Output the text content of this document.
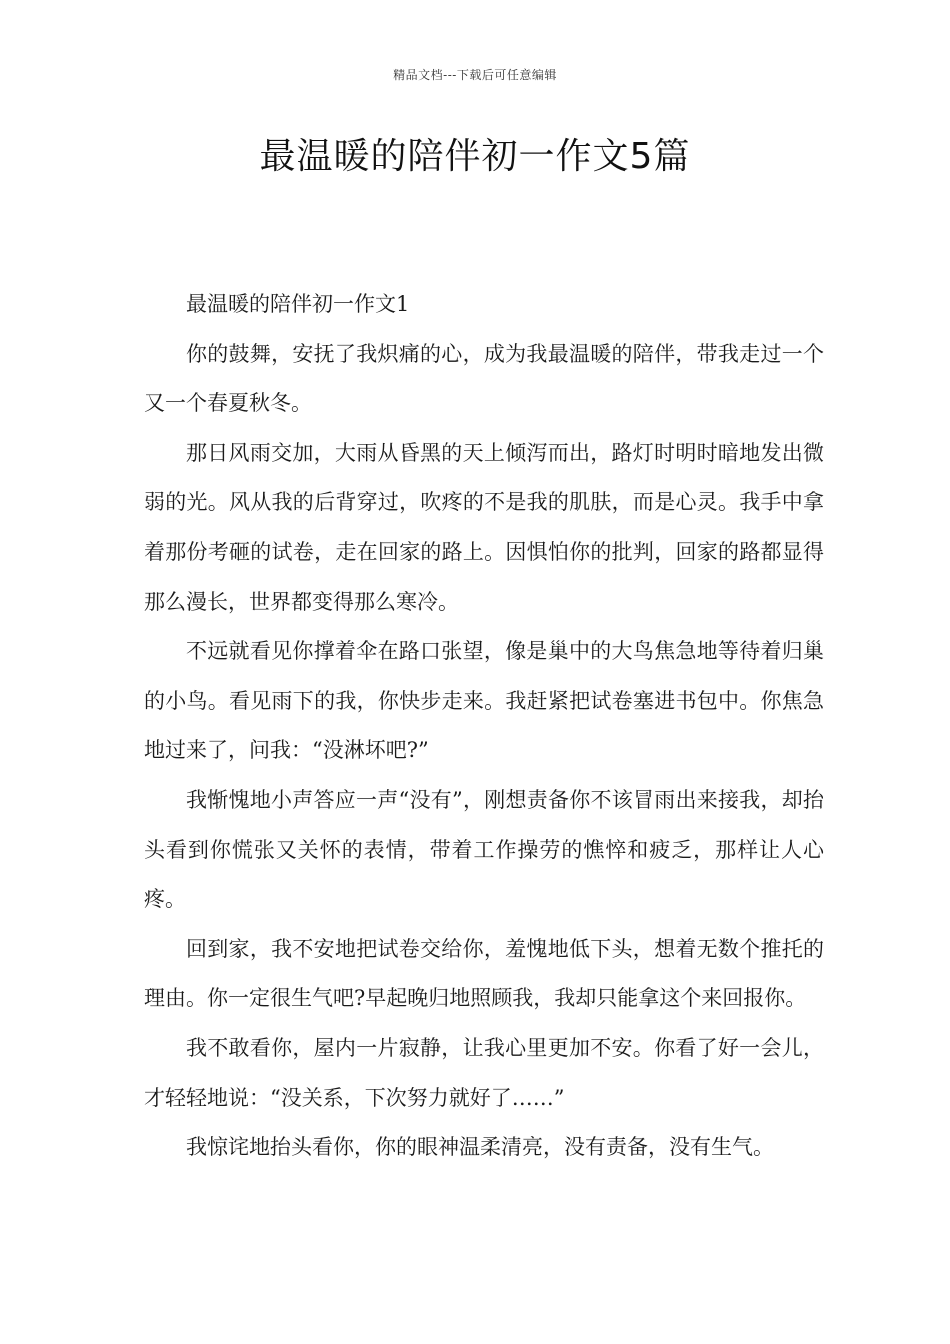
精品文档---下载后可任意编辑
最温暖的陪伴初一作文5篇

最温暖的陪伴初一作文1

你的鼓舞，安抚了我炽痛的心，成为我最温暖的陪伴，带我走过一个又一个春夏秋冬。

那日风雨交加，大雨从昏黑的天上倾泻而出，路灯时明时暗地发出微弱的光。风从我的后背穿过，吹疼的不是我的肌肤，而是心灵。我手中拿着那份考砸的试卷，走在回家的路上。因惧怕你的批判，回家的路都显得那么漫长，世界都变得那么寒冷。

不远就看见你撑着伞在路口张望，像是巢中的大鸟焦急地等待着归巢的小鸟。看见雨下的我，你快步走来。我赶紧把试卷塞进书包中。你焦急地过来了，问我：“没淋坏吧?”

我惭愧地小声答应一声“没有”，刚想责备你不该冒雨出来接我，却抬头看到你慌张又关怀的表情，带着工作操劳的憔悴和疲乏，那样让人心疼。

回到家，我不安地把试卷交给你，羞愧地低下头，想着无数个推托的理由。你一定很生气吧?早起晚归地照顾我，我却只能拿这个来回报你。

我不敢看你，屋内一片寂静，让我心里更加不安。你看了好一会儿，才轻轻地说：“没关系，下次努力就好了……”

我惊诧地抬头看你，你的眼神温柔清亮，没有责备，没有生气。
